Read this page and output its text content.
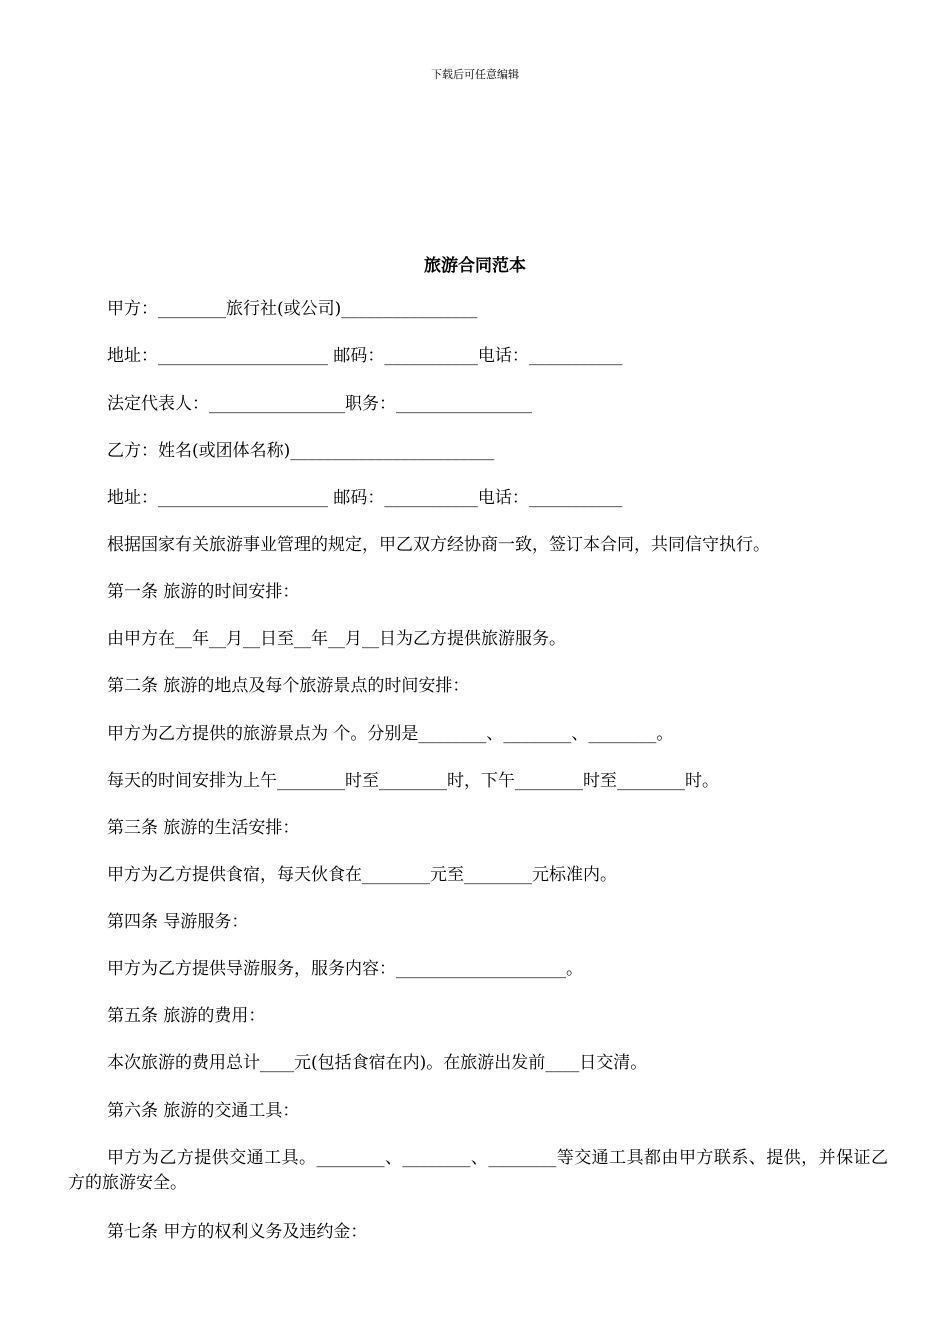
下载后可任意编辑
旅游合同范本
甲方：________旅行社(或公司)________________
地址：____________________ 邮码：___________电话：___________
法定代表人：________________职务：________________
乙方：姓名(或团体名称)________________________
地址：____________________ 邮码：___________电话：___________
根据国家有关旅游事业管理的规定，甲乙双方经协商一致，签订本合同，共同信守执行。
第一条 旅游的时间安排：
由甲方在__年__月__日至__年__月__日为乙方提供旅游服务。
第二条 旅游的地点及每个旅游景点的时间安排：
甲方为乙方提供的旅游景点为 个。分别是________、________、________。
每天的时间安排为上午________时至________时，下午________时至________时。
第三条 旅游的生活安排：
甲方为乙方提供食宿，每天伙食在________元至________元标准内。
第四条 导游服务：
甲方为乙方提供导游服务，服务内容：____________________。
第五条 旅游的费用：
本次旅游的费用总计____元(包括食宿在内)。在旅游出发前____日交清。
第六条 旅游的交通工具：
甲方为乙方提供交通工具。________、________、________等交通工具都由甲方联系、提供，并保证乙方的旅游安全。
第七条 甲方的权利义务及违约金：
